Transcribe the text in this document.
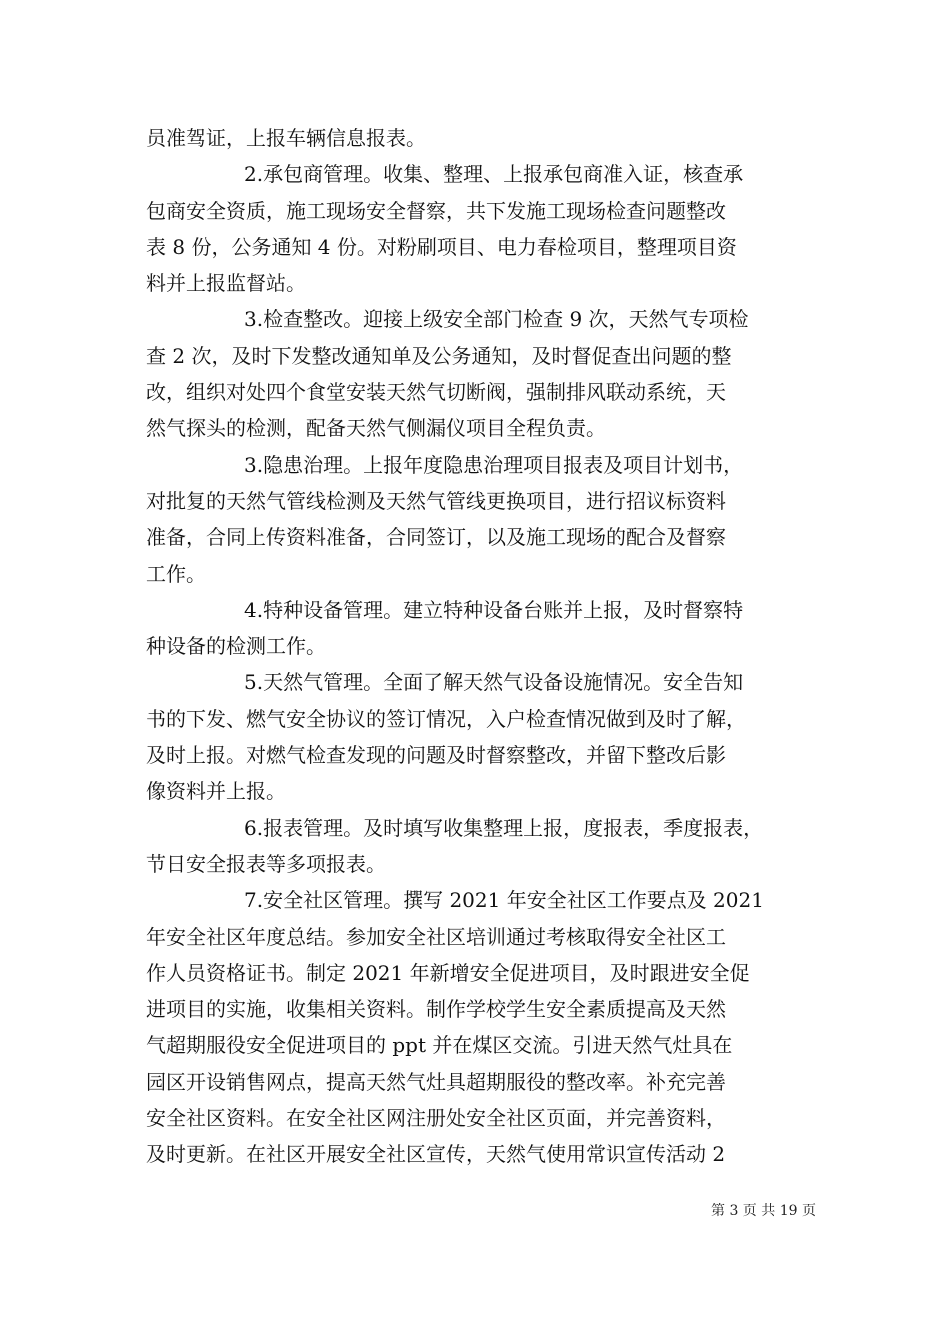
员准驾证，上报车辆信息报表。

2.承包商管理。收集、整理、上报承包商准入证，核查承

包商安全资质，施工现场安全督察，共下发施工现场检查问题整改

表 8 份，公务通知 4 份。对粉刷项目、电力春检项目，整理项目资

料并上报监督站。

3.检查整改。迎接上级安全部门检查 9 次，天然气专项检

查 2 次，及时下发整改通知单及公务通知，及时督促查出问题的整

改，组织对处四个食堂安装天然气切断阀，强制排风联动系统，天

然气探头的检测，配备天然气侧漏仪项目全程负责。

3.隐患治理。上报年度隐患治理项目报表及项目计划书，

对批复的天然气管线检测及天然气管线更换项目，进行招议标资料

准备，合同上传资料准备，合同签订，以及施工现场的配合及督察

工作。

4.特种设备管理。建立特种设备台账并上报，及时督察特

种设备的检测工作。

5.天然气管理。全面了解天然气设备设施情况。安全告知

书的下发、燃气安全协议的签订情况，入户检查情况做到及时了解，

及时上报。对燃气检查发现的问题及时督察整改，并留下整改后影

像资料并上报。

6.报表管理。及时填写收集整理上报，度报表，季度报表，

节日安全报表等多项报表。

7.安全社区管理。撰写 2021 年安全社区工作要点及 2021

年安全社区年度总结。参加安全社区培训通过考核取得安全社区工

作人员资格证书。制定 2021 年新增安全促进项目，及时跟进安全促

进项目的实施，收集相关资料。制作学校学生安全素质提高及天然

气超期服役安全促进项目的 ppt 并在煤区交流。引进天然气灶具在

园区开设销售网点，提高天然气灶具超期服役的整改率。补充完善

安全社区资料。在安全社区网注册处安全社区页面，并完善资料，

及时更新。在社区开展安全社区宣传，天然气使用常识宣传活动 2

第 3 页 共 19 页
